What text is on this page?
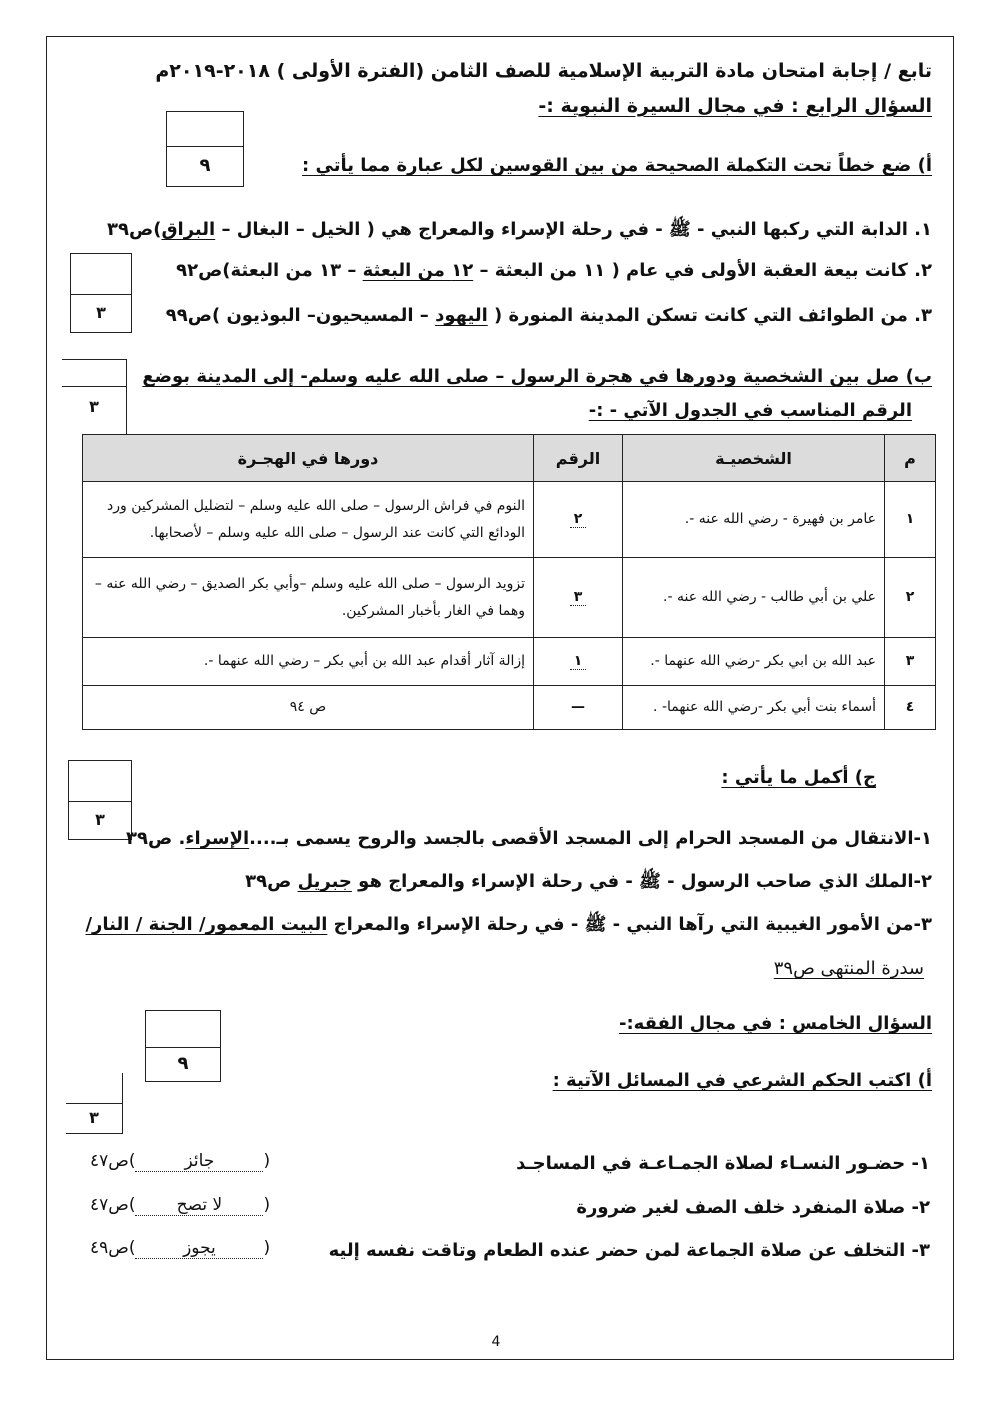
تابع / إجابة امتحان مادة التربية الإسلامية للصف الثامن (الفترة الأولى ) ٢٠١٨-٢٠١٩م
السؤال الرابع : في مجال السيرة النبوية :-
٩	أ) ضع خطاً تحت التكملة الصحيحة من بين القوسين لكل عبارة مما يأتي :
١. الدابة التي ركبها النبي - ﷺ - في رحلة الإسراء والمعراج هي ( الخيل – البغال – البراق)ص٣٩
٢. كانت بيعة العقبة الأولى في عام ( ١١ من البعثة – ١٢ من البعثة – ١٣ من البعثة)ص٩٢
٣. من الطوائف التي كانت تسكن المدينة المنورة ( اليهود – المسيحيون– البوذيون )ص٩٩
٣
ب) صل بين الشخصية ودورها في هجرة الرسول – صلى الله عليه وسلم- إلى المدينة بوضع
الرقم المناسب في الجدول الآتي - :-
٣
م	الشخصيـة	الرقم	دورها في الهجـرة
١	عامر بن فهيرة - رضي الله عنه -.	٢	النوم في فراش الرسول – صلى الله عليه وسلم – لتضليل المشركين ورد الودائع التي كانت عند الرسول – صلى الله عليه وسلم – لأصحابها.
٢	علي بن أبي طالب - رضي الله عنه -.	٣	تزويد الرسول – صلى الله عليه وسلم –وأبي بكر الصديق – رضي الله عنه – وهما في الغار بأخبار المشركين.
٣	عبد الله بن ابي بكر -رضي الله عنهما -.	١	إزالة آثار أقدام عبد الله بن أبي بكر – رضي الله عنهما -.
٤	أسماء بنت أبي بكر -رضي الله عنهما- .	—	ص ٩٤
ج) أكمل ما يأتي :
٣
١-الانتقال من المسجد الحرام إلى المسجد الأقصى بالجسد والروح يسمى بـ....الإسراء. ص٣٩
٢-الملك الذي صاحب الرسول - ﷺ - في رحلة الإسراء والمعراج هو جبريل ص٣٩
٣-من الأمور الغيبية التي رآها النبي - ﷺ - في رحلة الإسراء والمعراج البيت المعمور/ الجنة / النار/
سدرة المنتهى ص٣٩
السؤال الخامس : في مجال الفقه:-
٩
أ) اكتب الحكم الشرعي في المسائل الآتية :
٣
١- حضـور النسـاء لصلاة الجمـاعـة في المساجـد
(جائز)ص٤٧
٢- صلاة المنفرد خلف الصف لغير ضرورة
(لا تصح)ص٤٧
٣- التخلف عن صلاة الجماعة لمن حضر عنده الطعام وتاقت نفسه إليه
(يجوز)ص٤٩
4
